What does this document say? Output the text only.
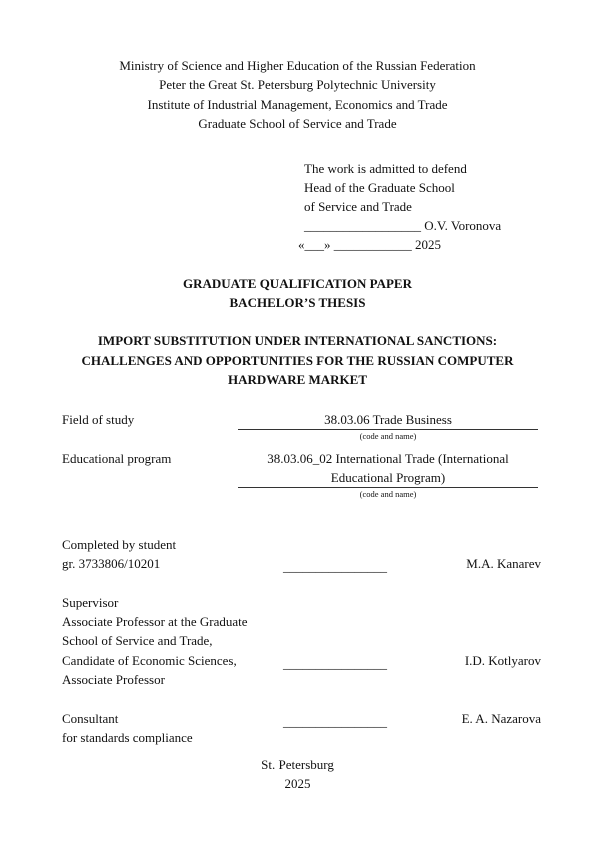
Ministry of Science and Higher Education of the Russian Federation
Peter the Great St. Petersburg Polytechnic University
Institute of Industrial Management, Economics and Trade
Graduate School of Service and Trade
The work is admitted to defend
Head of the Graduate School
of Service and Trade
__________________ O.V. Voronova
«___» ____________ 2025
GRADUATE QUALIFICATION PAPER
BACHELOR’S THESIS
IMPORT SUBSTITUTION UNDER INTERNATIONAL SANCTIONS:
CHALLENGES AND OPPORTUNITIES FOR THE RUSSIAN COMPUTER
HARDWARE MARKET
Field of study	38.03.06 Trade Business
(code and name)
Educational program	38.03.06_02 International Trade (International
Educational Program)
(code and name)
Completed by student
gr. 3733806/10201	________________	M.A. Kanarev
Supervisor
Associate Professor at the Graduate
School of Service and Trade,
Candidate of Economic Sciences,
Associate Professor
________________	I.D. Kotlyarov
Consultant
for standards compliance
________________	E. A. Nazarova
St. Petersburg
2025
